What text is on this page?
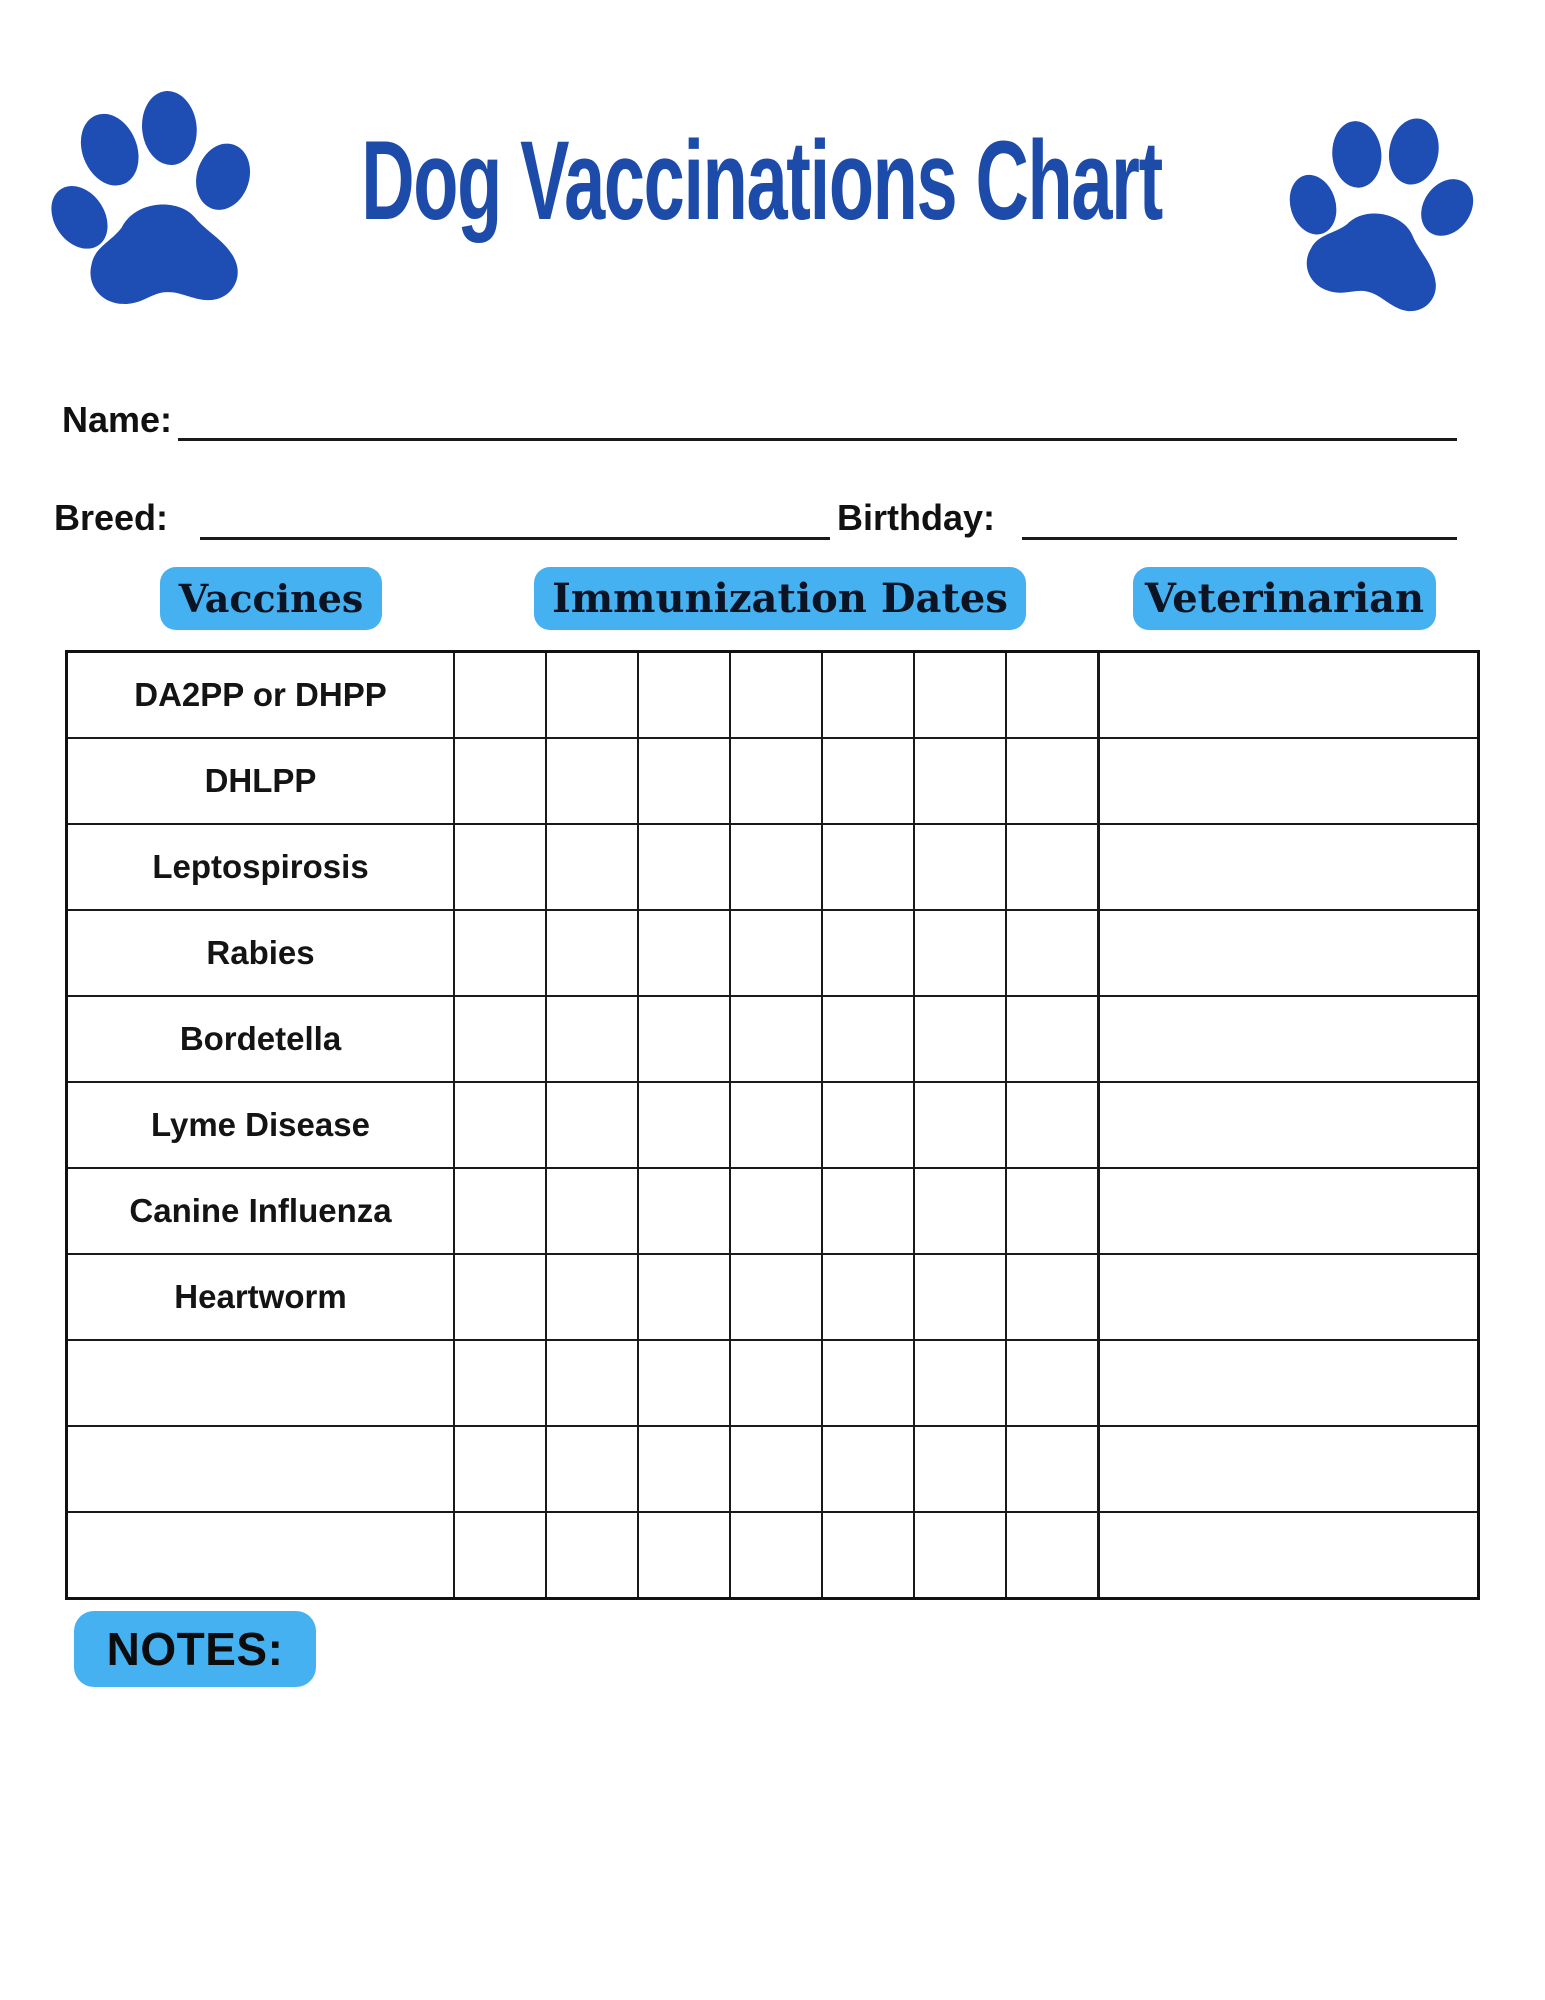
Dog Vaccinations Chart
Name:
Breed:	Birthday:
Vaccines	Immunization Dates	Veterinarian
DA2PP or DHPP
DHLPP
Leptospirosis
Rabies
Bordetella
Lyme Disease
Canine Influenza
Heartworm
NOTES:
